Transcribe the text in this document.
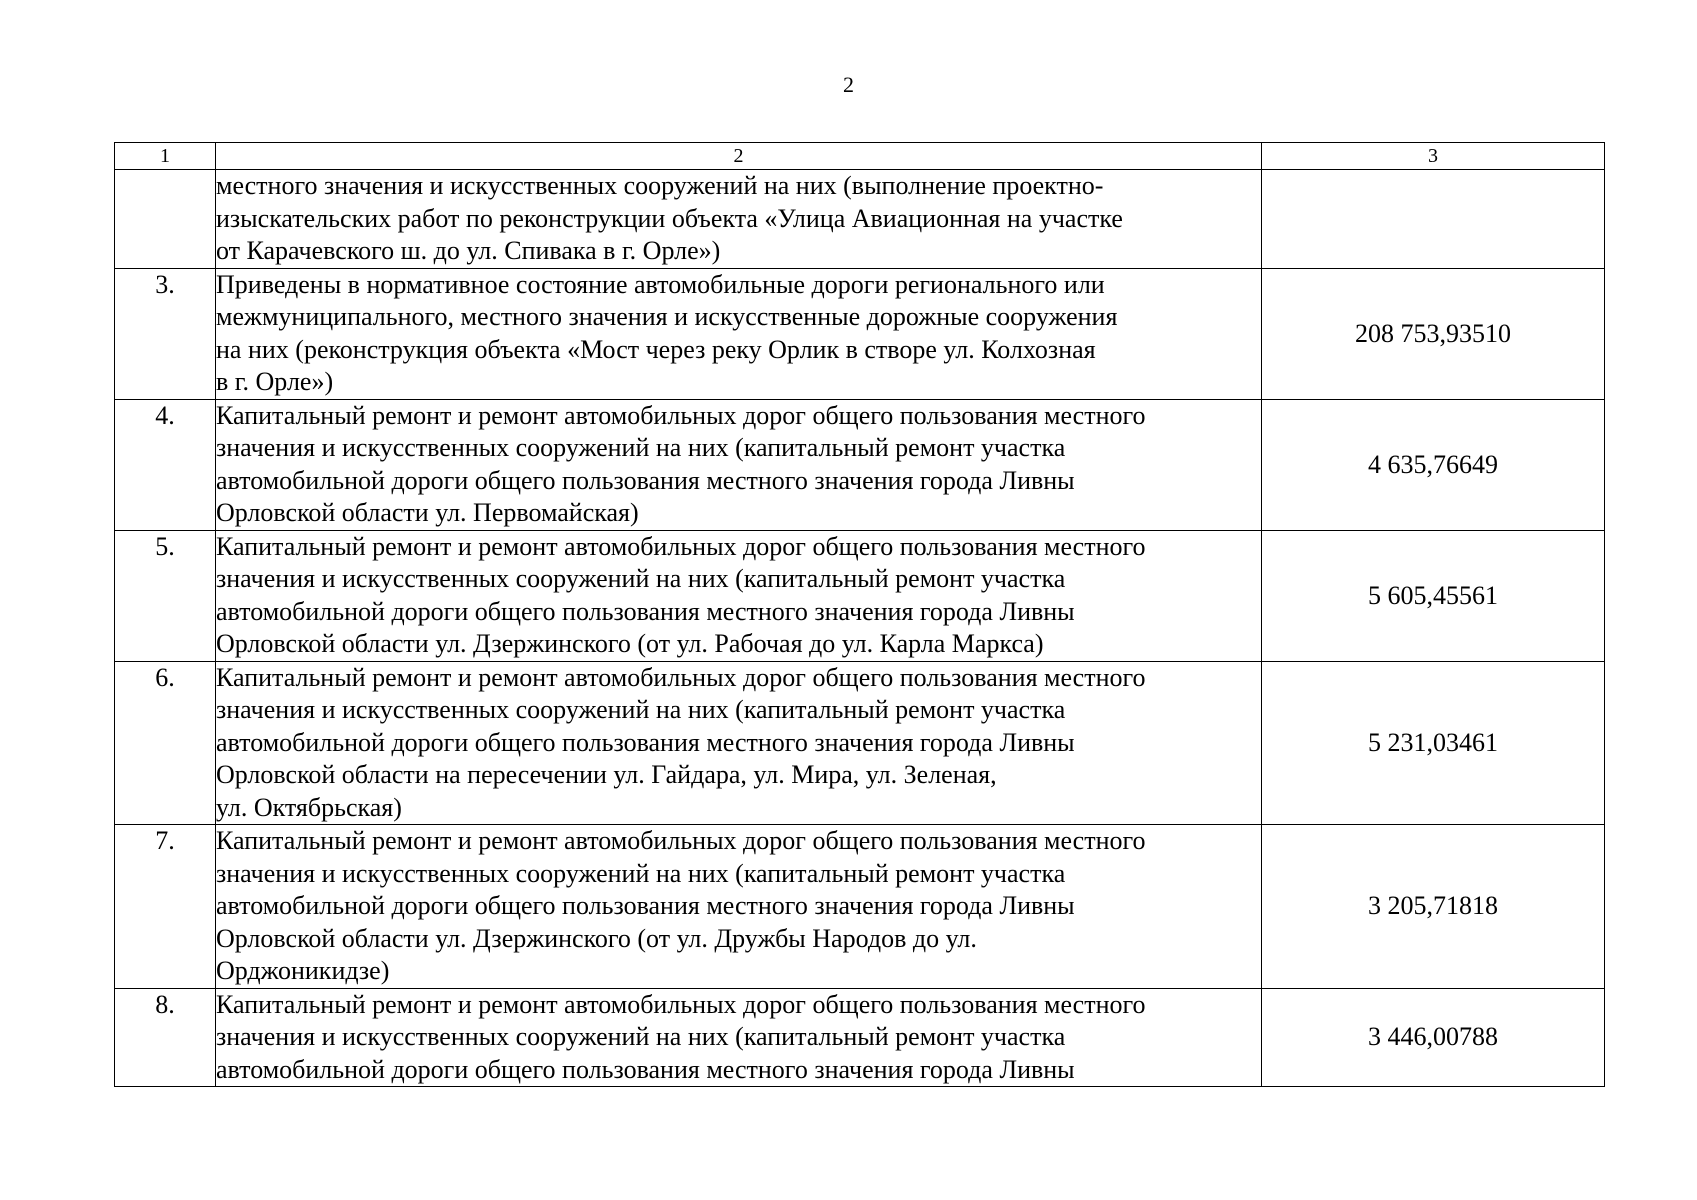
2
1	2	3

	местного значения и искусственных сооружений на них (выполнение проектно-
изыскательских работ по реконструкции объекта «Улица Авиационная на участке
от Карачевского ш. до ул. Спивака в г. Орле»)	

3.	Приведены в нормативное состояние автомобильные дороги регионального или
межмуниципального, местного значения и искусственные дорожные сооружения
на них (реконструкция объекта «Мост через реку Орлик в створе ул. Колхозная
в г. Орле»)	208 753,93510
4.	Капитальный ремонт и ремонт автомобильных дорог общего пользования местного
значения и искусственных сооружений на них (капитальный ремонт участка
автомобильной дороги общего пользования местного значения города Ливны
Орловской области ул. Первомайская)	4 635,76649
5.	Капитальный ремонт и ремонт автомобильных дорог общего пользования местного
значения и искусственных сооружений на них (капитальный ремонт участка
автомобильной дороги общего пользования местного значения города Ливны
Орловской области ул. Дзержинского (от ул. Рабочая до ул. Карла Маркса)	5 605,45561
6.	Капитальный ремонт и ремонт автомобильных дорог общего пользования местного
значения и искусственных сооружений на них (капитальный ремонт участка
автомобильной дороги общего пользования местного значения города Ливны
Орловской области на пересечении ул. Гайдара, ул. Мира, ул. Зеленая,
ул. Октябрьская)	5 231,03461
7.	Капитальный ремонт и ремонт автомобильных дорог общего пользования местного
значения и искусственных сооружений на них (капитальный ремонт участка
автомобильной дороги общего пользования местного значения города Ливны
Орловской области ул. Дзержинского (от ул. Дружбы Народов до ул.
Орджоникидзе)	3 205,71818
8.	Капитальный ремонт и ремонт автомобильных дорог общего пользования местного
значения и искусственных сооружений на них (капитальный ремонт участка
автомобильной дороги общего пользования местного значения города Ливны	3 446,00788
